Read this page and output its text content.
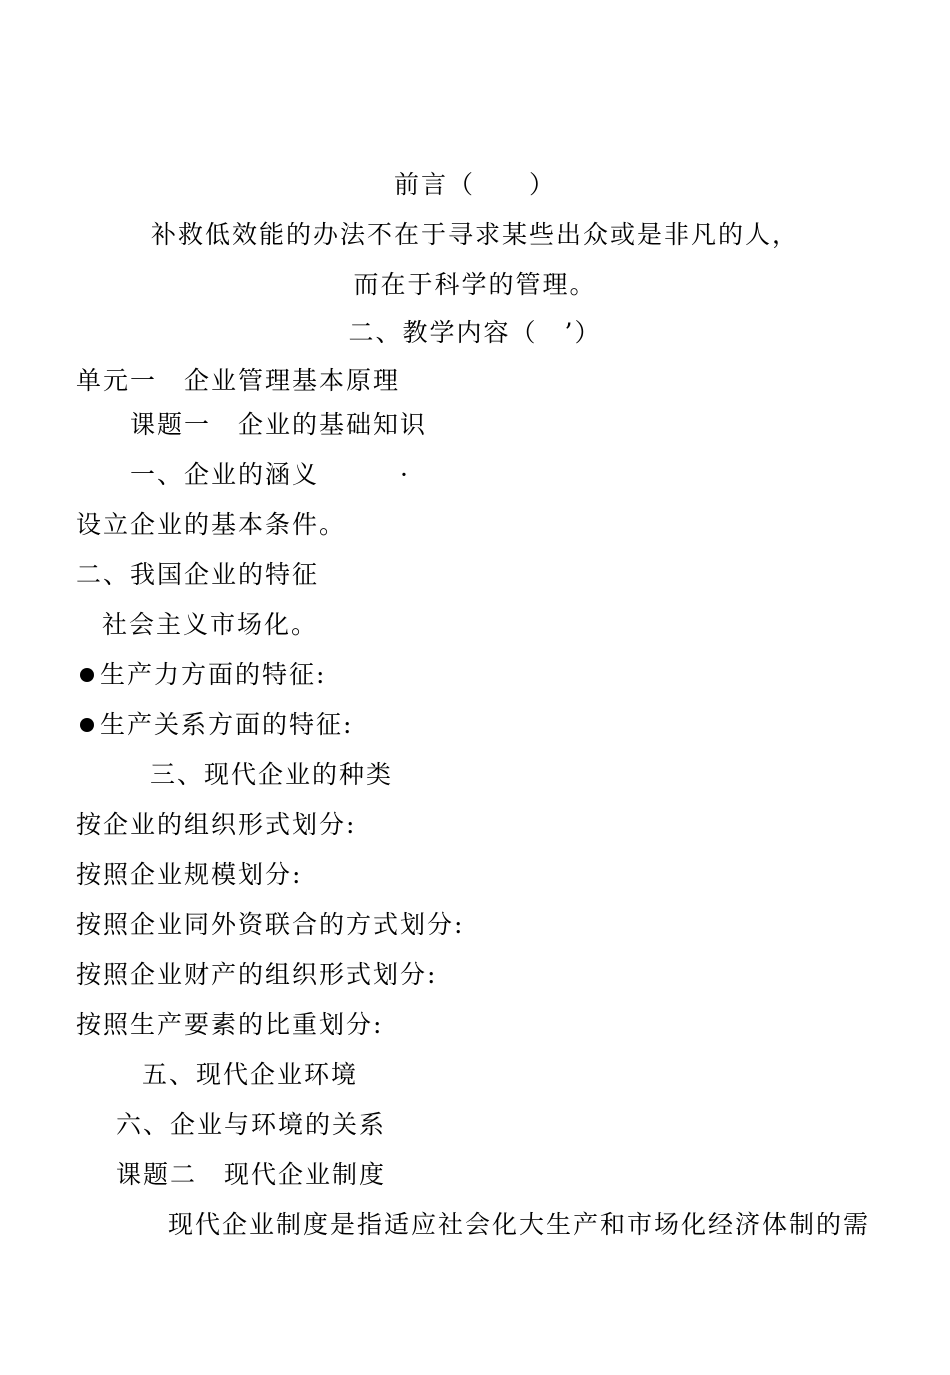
前言（　　）
补救低效能的办法不在于寻求某些出众或是非凡的人，
而在于科学的管理。
二、教学内容（　’）
单元一　企业管理基本原理
课题一　企业的基础知识
一、企业的涵义　　　·
设立企业的基本条件。
二、我国企业的特征
社会主义市场化。
生产力方面的特征:
生产关系方面的特征:
三、现代企业的种类
按企业的组织形式划分:
按照企业规模划分:
按照企业同外资联合的方式划分:
按照企业财产的组织形式划分:
按照生产要素的比重划分:
五、现代企业环境
六、企业与环境的关系
课题二　现代企业制度
现代企业制度是指适应社会化大生产和市场化经济体制的需
